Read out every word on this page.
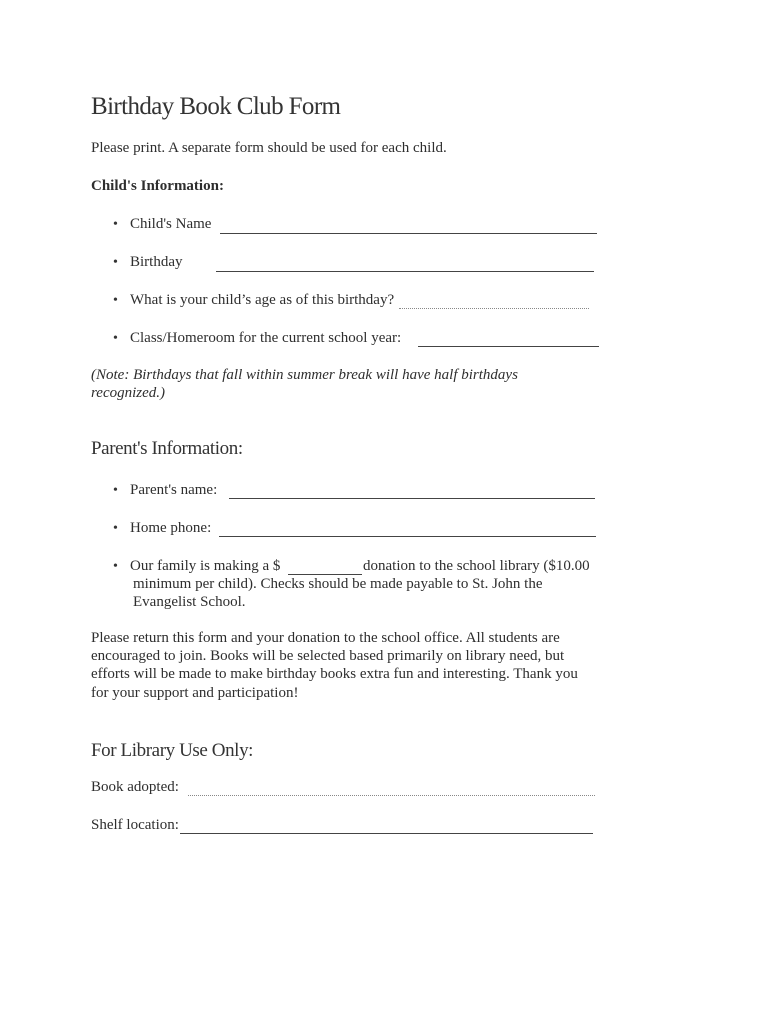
Birthday Book Club Form
Please print. A separate form should be used for each child.
Child's Information:
• Child's Name
• Birthday
• What is your child’s age as of this birthday?
• Class/Homeroom for the current school year:
(Note: Birthdays that fall within summer break will have half birthdays
recognized.)
Parent's Information:
• Parent's name:
• Home phone:
• Our family is making a $	donation to the school library ($10.00
minimum per child). Checks should be made payable to St. John the
Evangelist School.
Please return this form and your donation to the school office. All students are
encouraged to join. Books will be selected based primarily on library need, but
efforts will be made to make birthday books extra fun and interesting. Thank you
for your support and participation!
For Library Use Only:
Book adopted:
Shelf location:
